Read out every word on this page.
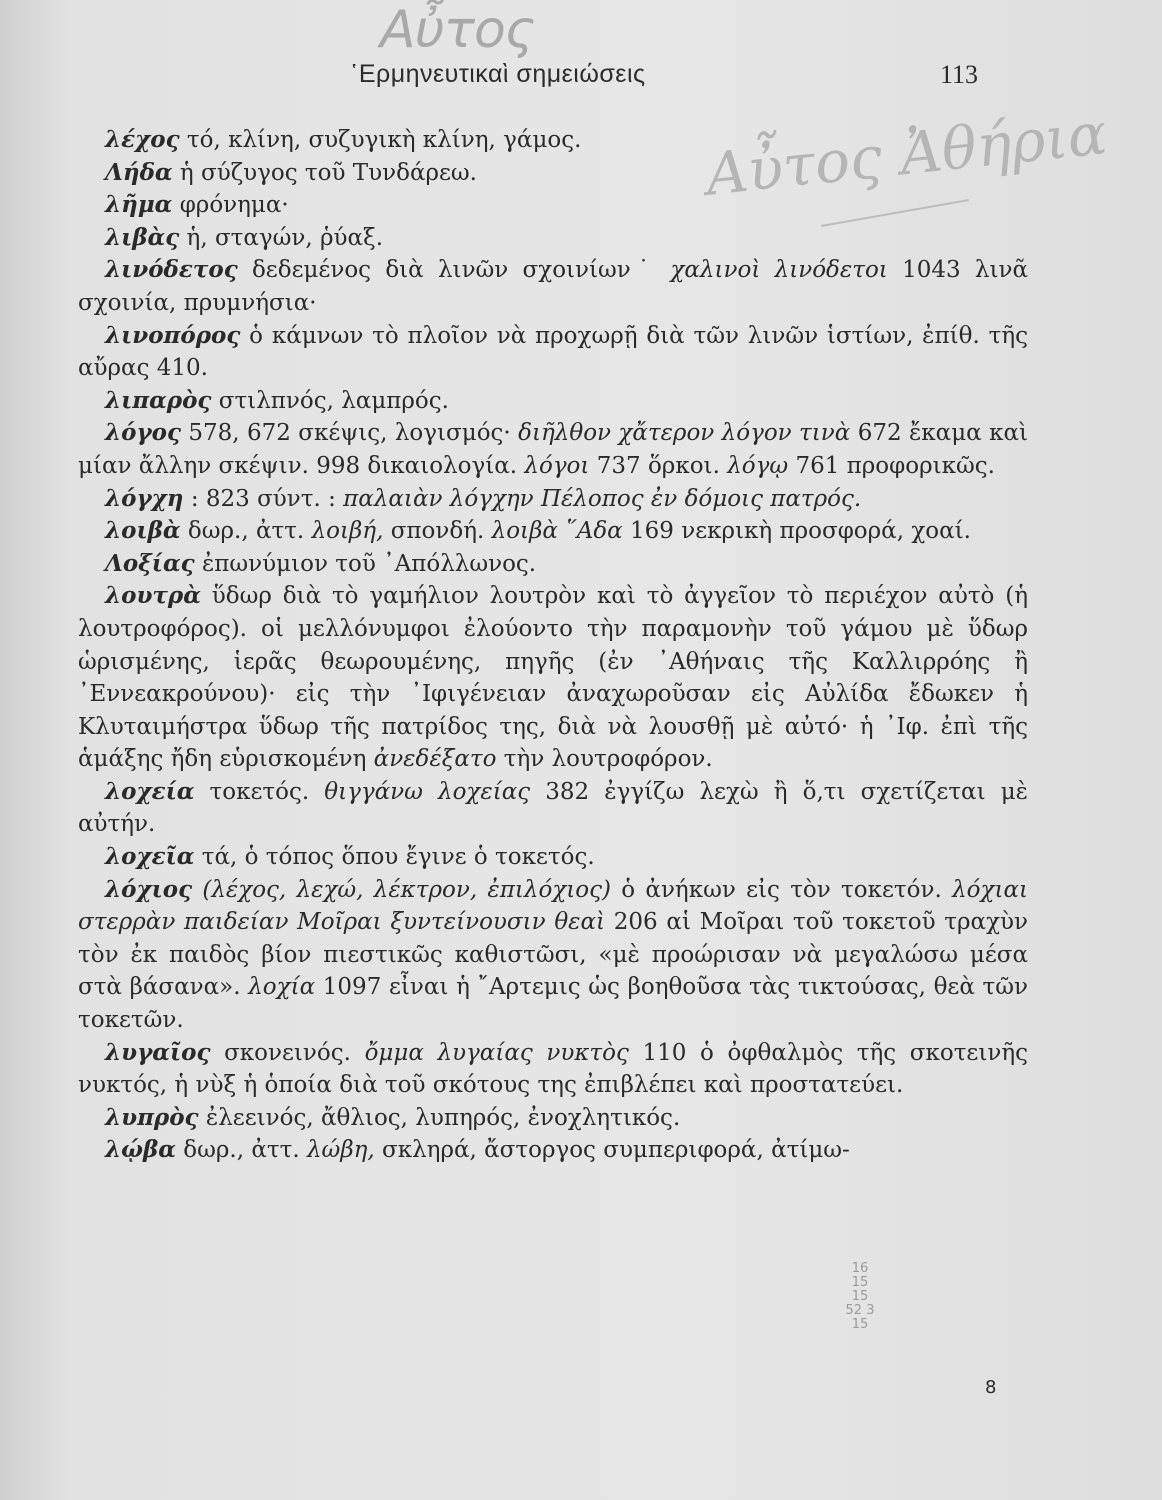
Αὖτος
῾Ερμηνευτικαὶ σημειώσεις	113
Αὖτος Ἀθήρια

λέχος τό, κλίνη, συζυγικὴ κλίνη, γάμος.

Λήδα ἡ σύζυγος τοῦ Τυνδάρεω.

λῆμα φρόνημα·

λιβὰς ἡ, σταγών, ῥύαξ.

λινόδετος δεδεμένος διὰ λινῶν σχοινίων˙ χαλινοὶ λινόδετοι 1043 λινᾶ σχοινία, πρυμνήσια·

λινοπόρος ὁ κάμνων τὸ πλοῖον νὰ προχωρῇ διὰ τῶν λινῶν ἱστίων, ἐπίθ. τῆς αὔρας 410.

λιπαρὸς στιλπνός, λαμπρός.

λόγος 578, 672 σκέψις, λογισμός· διῆλθον χἄτερον λόγον τινὰ 672 ἔκαμα καὶ μίαν ἄλλην σκέψιν. 998 δικαιολογία. λόγοι 737 ὅρκοι. λόγῳ 761 προφορικῶς.

λόγχη : 823 σύντ. : παλαιὰν λόγχην Πέλοπος ἐν δόμοις πατρός.

λοιβὰ δωρ., ἀττ. λοιβή, σπονδή. λοιβὰ ῞Αδα 169 νεκρικὴ προσφορά, χοαί.

Λοξίας ἐπωνύμιον τοῦ ᾿Απόλλωνος.

λουτρὰ ὕδωρ διὰ τὸ γαμήλιον λουτρὸν καὶ τὸ ἀγγεῖον τὸ περιέχον αὐτὸ (ἡ λουτροφόρος). οἱ μελλόνυμφοι ἐλούοντο τὴν παραμονὴν τοῦ γάμου μὲ ὕδωρ ὡρισμένης, ἱερᾶς θεωρουμένης, πηγῆς (ἐν ᾿Αθήναις τῆς Καλλιρρόης ἢ ᾿Εννεακρούνου)· εἰς τὴν ᾿Ιφιγένειαν ἀναχωροῦσαν εἰς Αὐλίδα ἔδωκεν ἡ Κλυταιμήστρα ὕδωρ τῆς πατρίδος της, διὰ νὰ λουσθῇ μὲ αὐτό· ἡ ᾿Ιφ. ἐπὶ τῆς ἁμάξης ἤδη εὑρισκομένη ἀνεδέξατο τὴν λουτροφόρον.

λοχεία τοκετός. θιγγάνω λοχείας 382 ἐγγίζω λεχὼ ἢ ὅ,τι σχετίζεται μὲ αὐτήν.

λοχεῖα τά, ὁ τόπος ὅπου ἔγινε ὁ τοκετός.

λόχιος (λέχος, λεχώ, λέκτρον, ἐπιλόχιος) ὁ ἀνήκων εἰς τὸν τοκετόν. λόχιαι στερρὰν παιδείαν Μοῖραι ξυντείνουσιν θεαὶ 206 αἱ Μοῖραι τοῦ τοκετοῦ τραχὺν τὸν ἐκ παιδὸς βίον πιεστικῶς καθιστῶσι, «μὲ προώρισαν νὰ μεγαλώσω μέσα στὰ βάσανα». λοχία 1097 εἶναι ἡ ῎Αρτεμις ὡς βοηθοῦσα τὰς τικτούσας, θεὰ τῶν τοκετῶν.

λυγαῖος σκονεινός. ὄμμα λυγαίας νυκτὸς 110 ὁ ὀφθαλμὸς τῆς σκοτεινῆς νυκτός, ἡ νὺξ ἡ ὁποία διὰ τοῦ σκότους της ἐπιβλέπει καὶ προστατεύει.

λυπρὸς ἐλεεινός, ἄθλιος, λυπηρός, ἐνοχλητικός.

λῴβα δωρ., ἀττ. λώβη, σκληρά, ἄστοργος συμπεριφορά, ἀτίμω-

16
15
15
52 3
15
8
